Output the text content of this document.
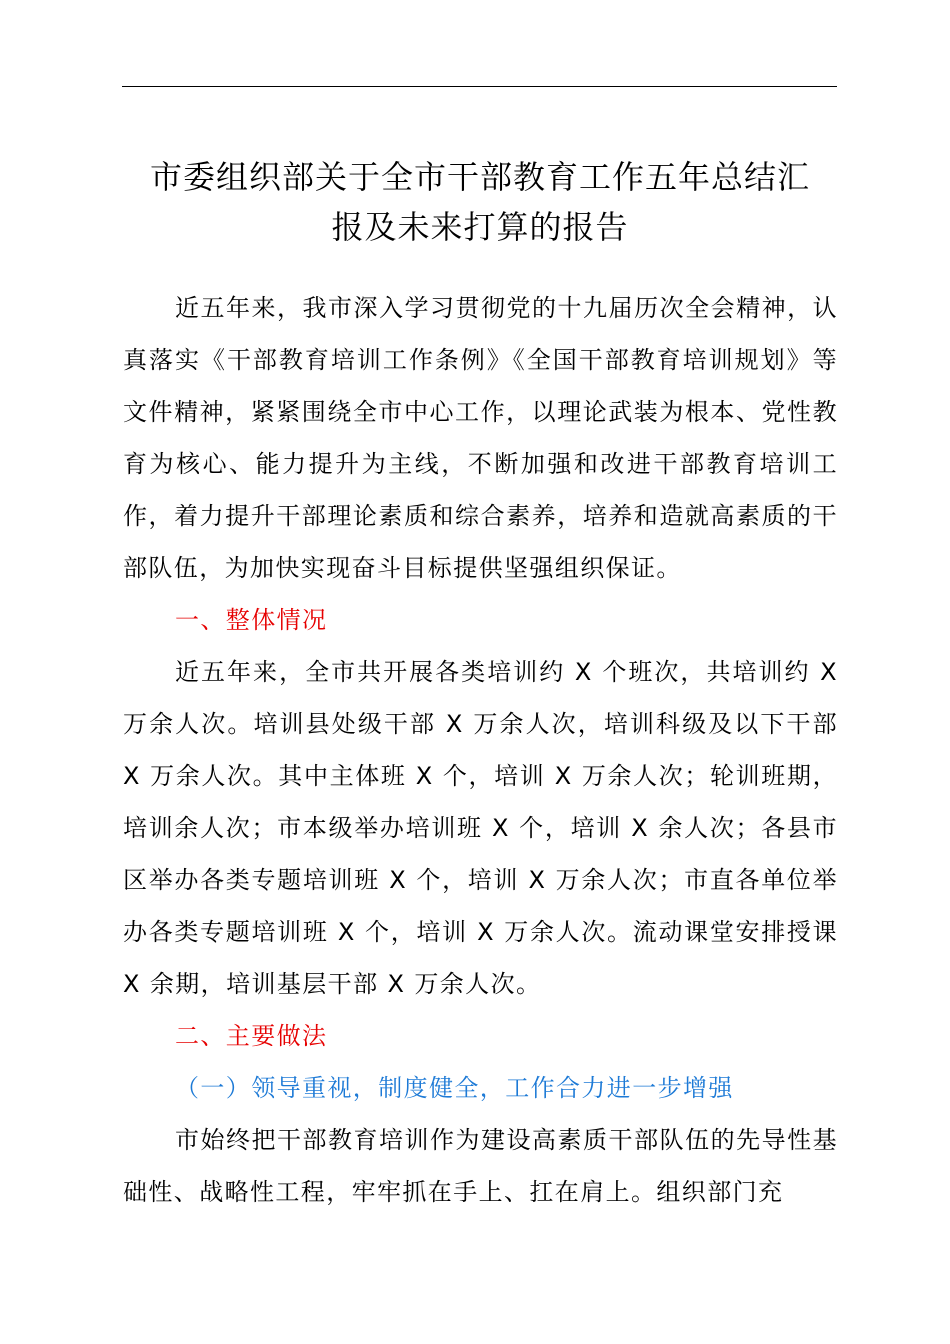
市委组织部关于全市干部教育工作五年总结汇
报及未来打算的报告

近五年来，我市深入学习贯彻党的十九届历次全会精神，认真落实《干部教育培训工作条例》《全国干部教育培训规划》等文件精神，紧紧围绕全市中心工作，以理论武装为根本、党性教育为核心、能力提升为主线，不断加强和改进干部教育培训工作，着力提升干部理论素质和综合素养，培养和造就高素质的干部队伍，为加快实现奋斗目标提供坚强组织保证。

一、整体情况

近五年来，全市共开展各类培训约 X 个班次，共培训约 X 万余人次。培训县处级干部 X 万余人次，培训科级及以下干部 X 万余人次。其中主体班 X 个，培训 X 万余人次；轮训班期，培训余人次；市本级举办培训班 X 个，培训 X 余人次；各县市区举办各类专题培训班 X 个，培训 X 万余人次；市直各单位举办各类专题培训班 X 个，培训 X 万余人次。流动课堂安排授课 X 余期，培训基层干部 X 万余人次。

二、主要做法

（一）领导重视，制度健全，工作合力进一步增强

市始终把干部教育培训作为建设高素质干部队伍的先导性基础性、战略性工程，牢牢抓在手上、扛在肩上。组织部门充
